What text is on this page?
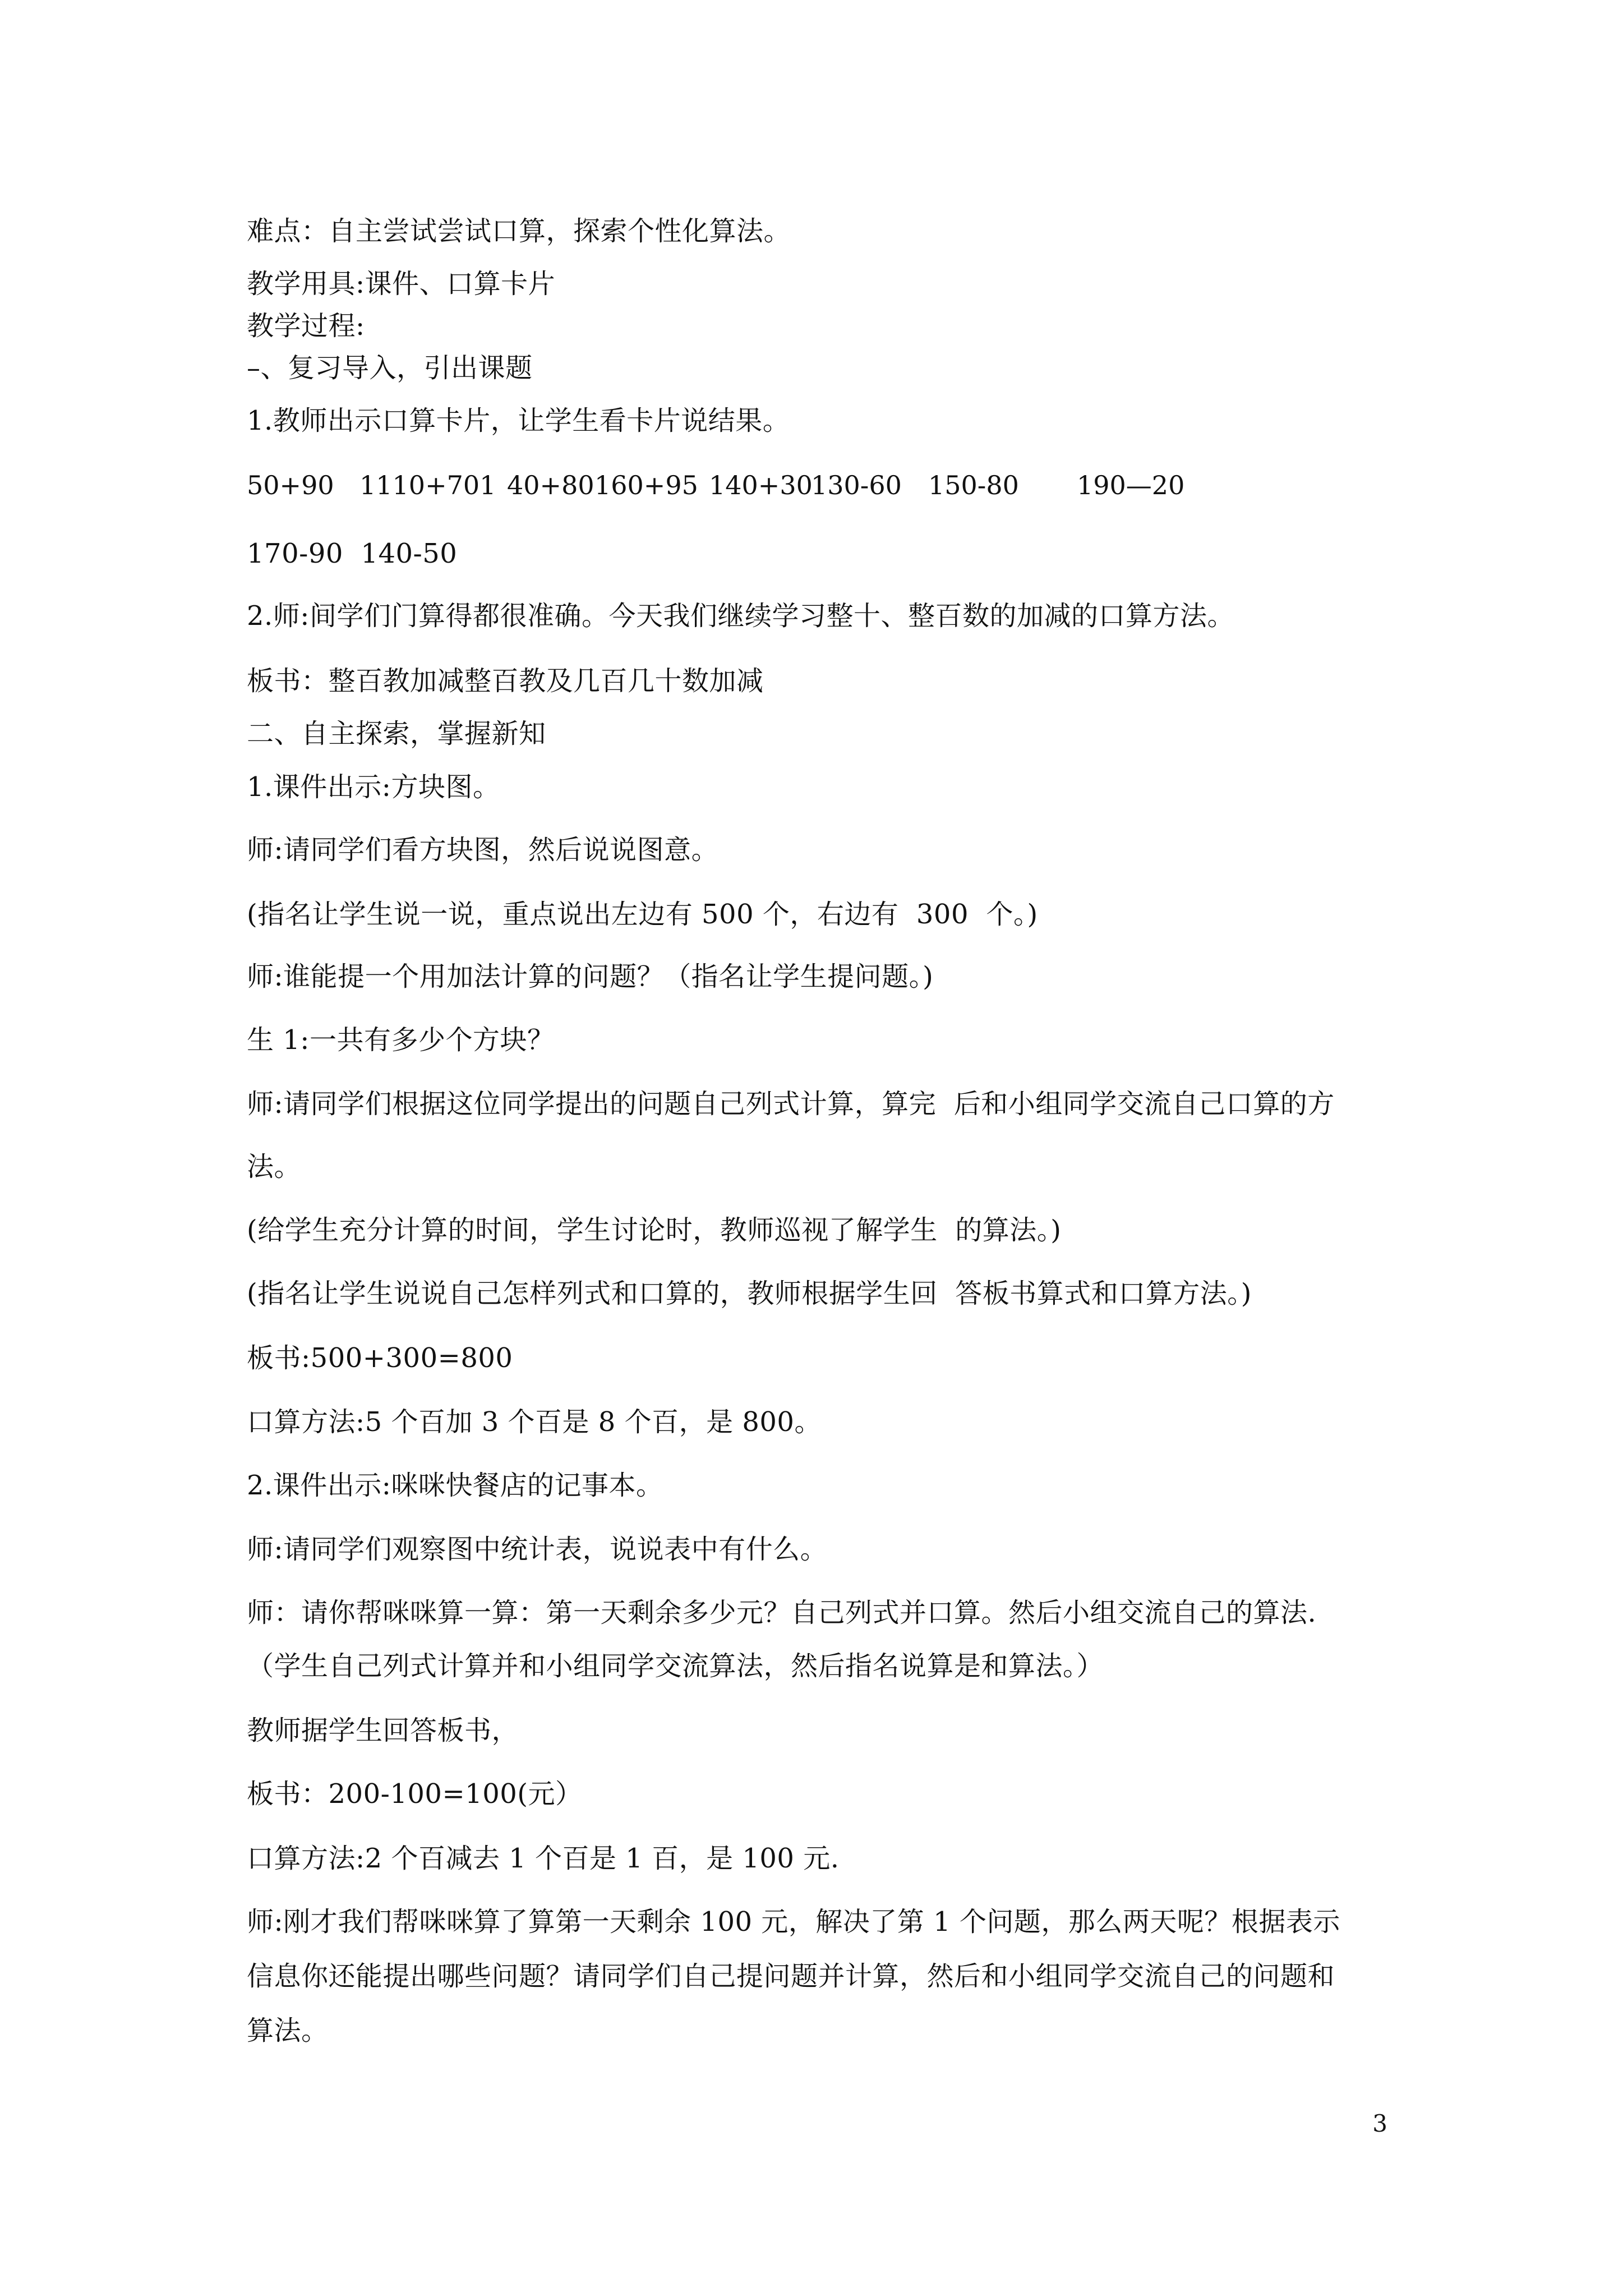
难点：自主尝试尝试口算，探索个性化算法。

教学用具:课件、口算卡片

教学过程:

–、复习导入，引出课题

1.教师出示口算卡片，让学生看卡片说结果。

50+90 1110+701 40+80 160+95 140+30
130-60 150-80 190—20

170-90  140-50

2.师:间学们门算得都很准确。今天我们继续学习整十、整百数的加减的口算方法。

板书：整百教加减整百教及几百几十数加减

二、自主探索，掌握新知

1.课件出示:方块图。

师:请同学们看方块图，然后说说图意。

(指名让学生说一说，重点说出左边有 500 个，右边有  300  个。)

师:谁能提一个用加法计算的问题？（指名让学生提问题。)

生 1:一共有多少个方块？

师:请同学们根据这位同学提出的问题自己列式计算，算完  后和小组同学交流自己口算的方

法。

(给学生充分计算的时间，学生讨论时，教师巡视了解学生  的算法。)

(指名让学生说说自己怎样列式和口算的，教师根据学生回  答板书算式和口算方法。)

板书:500+300=800

口算方法:5 个百加 3 个百是 8 个百，是 800。

2.课件出示:咪咪快餐店的记事本。

师:请同学们观察图中统计表，说说表中有什么。

师：请你帮咪咪算一算：第一天剩余多少元？自己列式并口算。然后小组交流自己的算法.

（学生自己列式计算并和小组同学交流算法，然后指名说算是和算法。）

教师据学生回答板书，

板书：200-100=100(元）

口算方法:2 个百减去 1 个百是 1 百，是 100 元.

师:刚才我们帮咪咪算了算第一天剩余 100 元，解决了第 1 个问题，那么两天呢？根据表示

信息你还能提出哪些问题？请同学们自己提问题并计算，然后和小组同学交流自己的问题和

算法。

3
